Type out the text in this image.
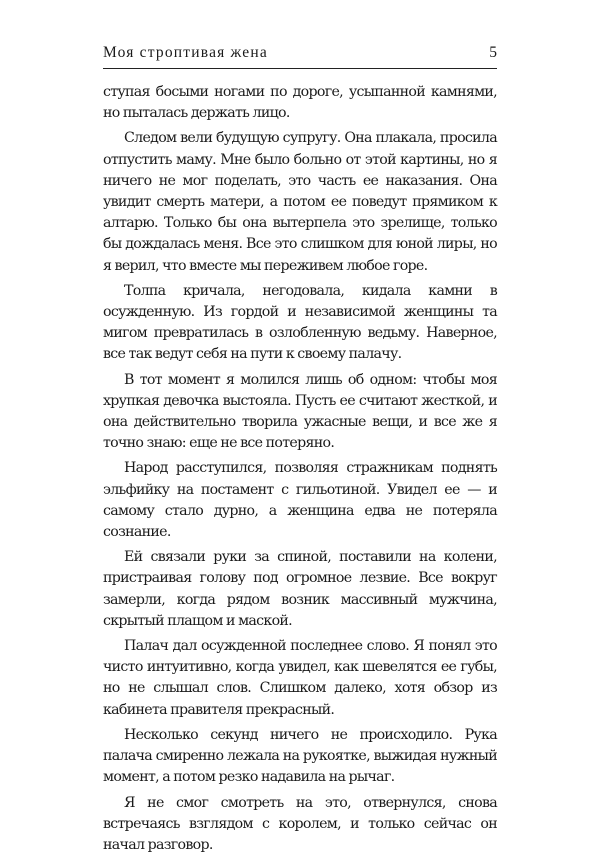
Моя строптивая жена	5

ступая босыми ногами по дороге, усыпанной камнями, но пыталась держать лицо.

Следом вели будущую супругу. Она плакала, просила отпустить маму. Мне было больно от этой картины, но я ничего не мог поделать, это часть ее наказания. Она увидит смерть матери, а потом ее поведут прямиком к алтарю. Только бы она вытерпела это зрелище, только бы дождалась меня. Все это слишком для юной лиры, но я верил, что вместе мы переживем любое горе.

Толпа кричала, негодовала, кидала камни в осужденную. Из гордой и независимой женщины та мигом превратилась в озлобленную ведьму. Наверное, все так ведут себя на пути к своему палачу.

В тот момент я молился лишь об одном: чтобы моя хрупкая девочка выстояла. Пусть ее считают жесткой, и она действительно творила ужасные вещи, и все же я точно знаю: еще не все потеряно.

Народ расступился, позволяя стражникам поднять эльфийку на постамент с гильотиной. Увидел ее — и самому стало дурно, а женщина едва не потеряла сознание.

Ей связали руки за спиной, поставили на колени, пристраивая голову под огромное лезвие. Все вокруг замерли, когда рядом возник массивный мужчина, скрытый плащом и маской.

Палач дал осужденной последнее слово. Я понял это чисто интуитивно, когда увидел, как шевелятся ее губы, но не слышал слов. Слишком далеко, хотя обзор из кабинета правителя прекрасный.

Несколько секунд ничего не происходило. Рука палача смиренно лежала на рукоятке, выжидая нужный момент, а потом резко надавила на рычаг.

Я не смог смотреть на это, отвернулся, снова встречаясь взглядом с королем, и только сейчас он начал разговор.
